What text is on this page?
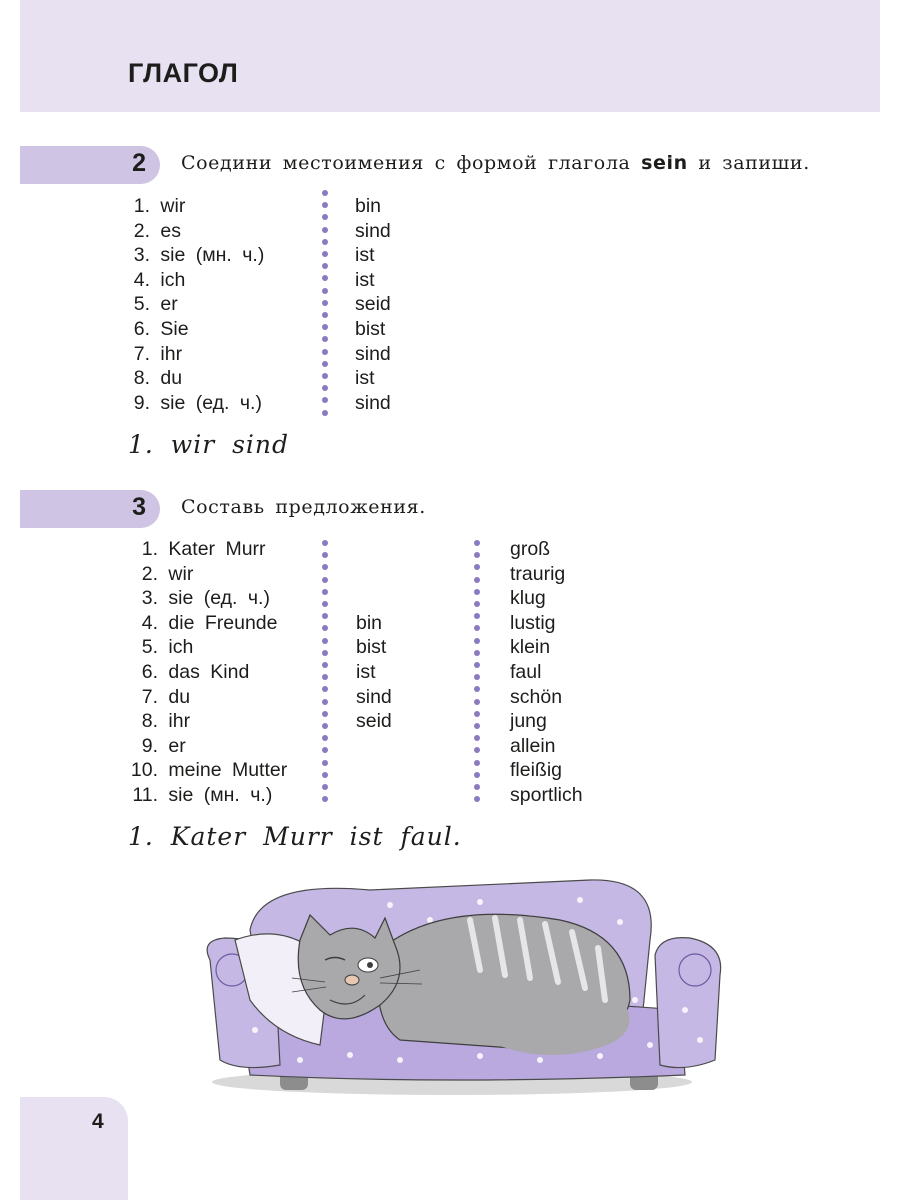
ГЛАГОЛ
2 Соедини местоимения с формой глагола sein и запиши.
1. wir
2. es
3. sie (мн. ч.)
4. ich
5. er
6. Sie
7. ihr
8. du
9. sie (ед. ч.)
bin
sind
ist
ist
seid
bist
sind
ist
sind
1. wir sind
3 Составь предложения.
1. Kater Murr
2. wir
3. sie (ед. ч.)
4. die Freunde
5. ich
6. das Kind
7. du
8. ihr
9. er
10. meine Mutter
11. sie (мн. ч.)
bin
bist
ist
sind
seid
groß
traurig
klug
lustig
klein
faul
schön
jung
allein
fleißig
sportlich
1. Kater Murr ist faul.
4
